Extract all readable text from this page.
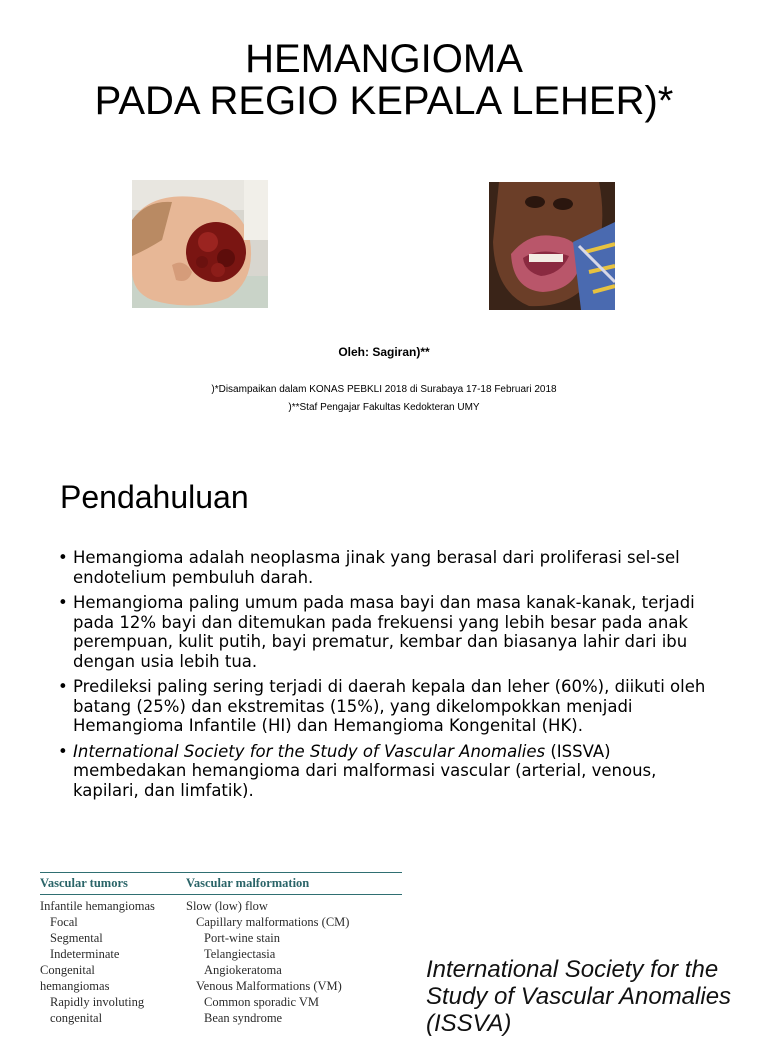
HEMANGIOMA
PADA REGIO KEPALA LEHER)*
Oleh: Sagiran)**
)*Disampaikan dalam KONAS PEBKLI 2018 di Surabaya 17-18 Februari 2018
)**Staf Pengajar Fakultas Kedokteran UMY
Pendahuluan
• Hemangioma adalah neoplasma jinak yang berasal dari proliferasi sel-sel endotelium pembuluh darah.
• Hemangioma paling umum pada masa bayi dan masa kanak-kanak, terjadi pada 12% bayi dan ditemukan pada frekuensi yang lebih besar pada anak perempuan, kulit putih, bayi prematur, kembar dan biasanya lahir dari ibu dengan usia lebih tua.
• Predileksi paling sering terjadi di daerah kepala dan leher (60%), diikuti oleh batang (25%) dan ekstremitas (15%), yang dikelompokkan menjadi Hemangioma Infantile (HI) dan Hemangioma Kongenital (HK).
• International Society for the Study of Vascular Anomalies (ISSVA) membedakan hemangioma dari malformasi vascular (arterial, venous, kapilari, dan limfatik).
Vascular tumors	Vascular malformation
Infantile hemangiomas
Focal
Segmental
Indeterminate
Congenital
hemangiomas
Rapidly involuting
congenital
Slow (low) flow
Capillary malformations (CM)
Port-wine stain
Telangiectasia
Angiokeratoma
Venous Malformations (VM)
Common sporadic VM
Bean syndrome
International Society for the Study of Vascular Anomalies (ISSVA)
